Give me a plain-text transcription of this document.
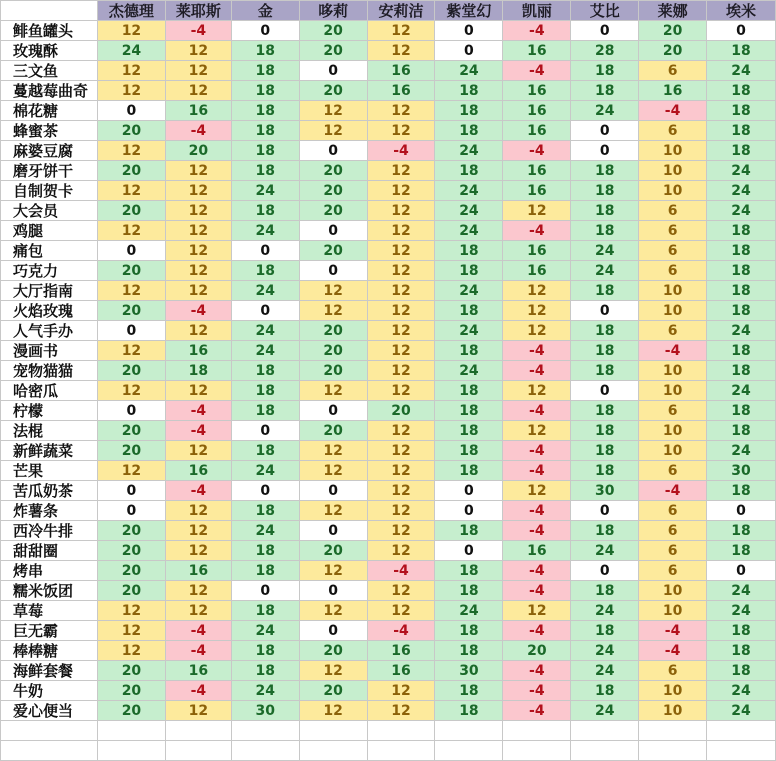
	杰德理	莱耶斯	金	哆莉	安莉洁	紫堂幻	凯丽	艾比	莱娜	埃米
鲱鱼罐头	12	-4	0	20	12	0	-4	0	20	0
玫瑰酥	24	12	18	20	12	0	16	28	20	18
三文鱼	12	12	18	0	16	24	-4	18	6	24
蔓越莓曲奇	12	12	18	20	16	18	16	18	16	18
棉花糖	0	16	18	12	12	18	16	24	-4	18
蜂蜜茶	20	-4	18	12	12	18	16	0	6	18
麻婆豆腐	12	20	18	0	-4	24	-4	0	10	18
磨牙饼干	20	12	18	20	12	18	16	18	10	24
自制贺卡	12	12	24	20	12	24	16	18	10	24
大会员	20	12	18	20	12	24	12	18	6	24
鸡腿	12	12	24	0	12	24	-4	18	6	18
痛包	0	12	0	20	12	18	16	24	6	18
巧克力	20	12	18	0	12	18	16	24	6	18
大厅指南	12	12	24	12	12	24	12	18	10	18
火焰玫瑰	20	-4	0	12	12	18	12	0	10	18
人气手办	0	12	24	20	12	24	12	18	6	24
漫画书	12	16	24	20	12	18	-4	18	-4	18
宠物猫猫	20	18	18	20	12	24	-4	18	10	18
哈密瓜	12	12	18	12	12	18	12	0	10	24
柠檬	0	-4	18	0	20	18	-4	18	6	18
法棍	20	-4	0	20	12	18	12	18	10	18
新鲜蔬菜	20	12	18	12	12	18	-4	18	10	24
芒果	12	16	24	12	12	18	-4	18	6	30
苦瓜奶茶	0	-4	0	0	12	0	12	30	-4	18
炸薯条	0	12	18	12	12	0	-4	0	6	0
西冷牛排	20	12	24	0	12	18	-4	18	6	18
甜甜圈	20	12	18	20	12	0	16	24	6	18
烤串	20	16	18	12	-4	18	-4	0	6	0
糯米饭团	20	12	0	0	12	18	-4	18	10	24
草莓	12	12	18	12	12	24	12	24	10	24
巨无霸	12	-4	24	0	-4	18	-4	18	-4	18
棒棒糖	12	-4	18	20	16	18	20	24	-4	18
海鲜套餐	20	16	18	12	16	30	-4	24	6	18
牛奶	20	-4	24	20	12	18	-4	18	10	24
爱心便当	20	12	30	12	12	18	-4	24	10	24
